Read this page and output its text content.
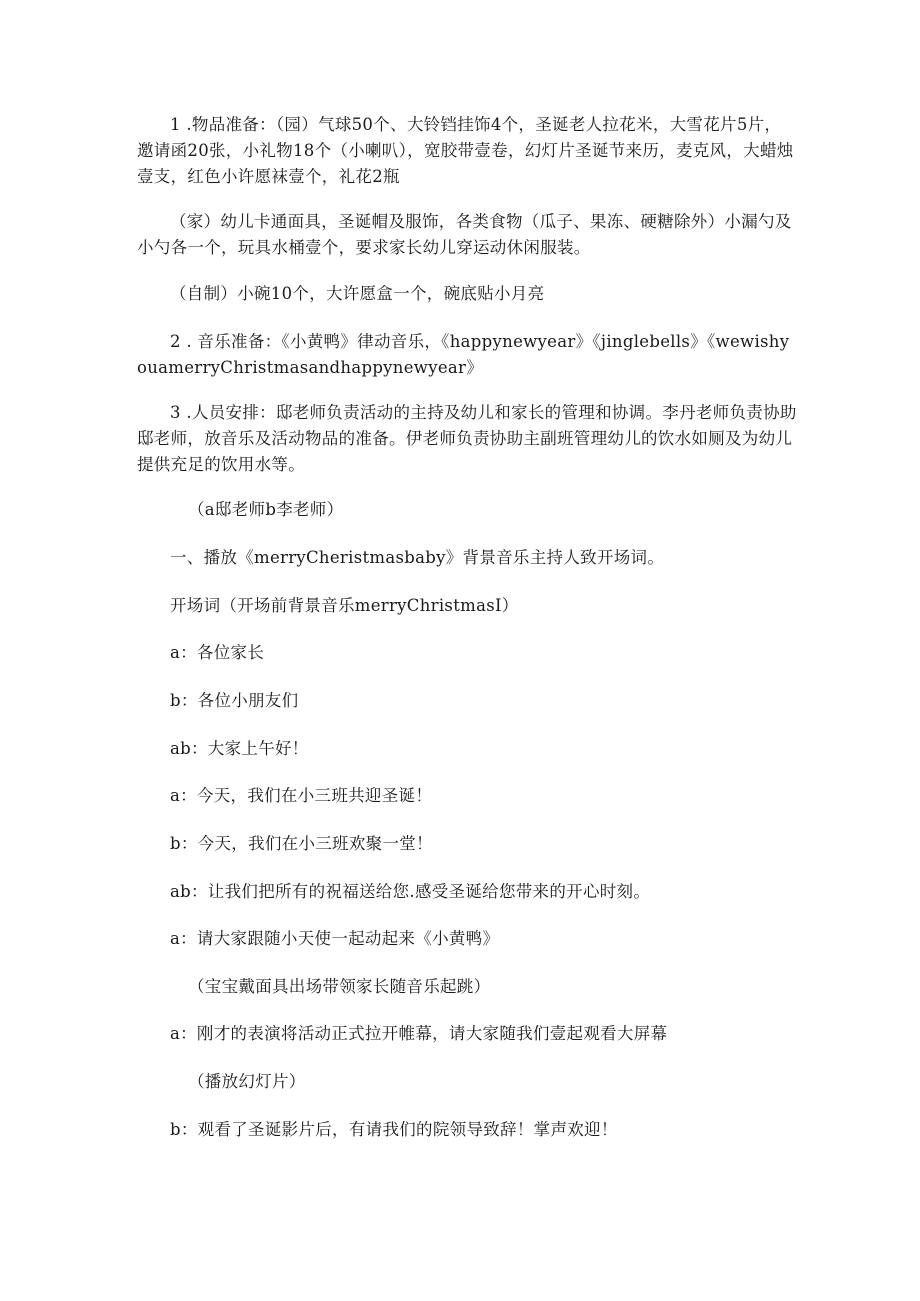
1 .物品准备：（园）气球50个、大铃铛挂饰4个，圣诞老人拉花米，大雪花片5片，邀请函20张，小礼物18个（小喇叭），宽胶带壹卷，幻灯片圣诞节来历，麦克风，大蜡烛壹支，红色小许愿袜壹个，礼花2瓶

（家）幼儿卡通面具，圣诞帽及服饰，各类食物（瓜子、果冻、硬糖除外）小漏勺及小勺各一个，玩具水桶壹个，要求家长幼儿穿运动休闲服装。

（自制）小碗10个，大许愿盒一个，碗底贴小月亮

2 . 音乐准备：《小黄鸭》律动音乐，《happynewyear》《jinglebells》《wewishyouamerryChristmasandhappynewyear》

3 .人员安排：邸老师负责活动的主持及幼儿和家长的管理和协调。李丹老师负责协助邸老师，放音乐及活动物品的准备。伊老师负责协助主副班管理幼儿的饮水如厕及为幼儿提供充足的饮用水等。

（a邸老师b李老师）

一、播放《merryCheristmasbaby》背景音乐主持人致开场词。

开场词（开场前背景音乐merryChristmasI）

a：各位家长

b：各位小朋友们

ab：大家上午好！

a：今天，我们在小三班共迎圣诞！

b：今天，我们在小三班欢聚一堂！

ab：让我们把所有的祝福送给您.感受圣诞给您带来的开心时刻。

a：请大家跟随小天使一起动起来《小黄鸭》

（宝宝戴面具出场带领家长随音乐起跳）

a：刚才的表演将活动正式拉开帷幕，请大家随我们壹起观看大屏幕

（播放幻灯片）

b：观看了圣诞影片后，有请我们的院领导致辞！掌声欢迎！
